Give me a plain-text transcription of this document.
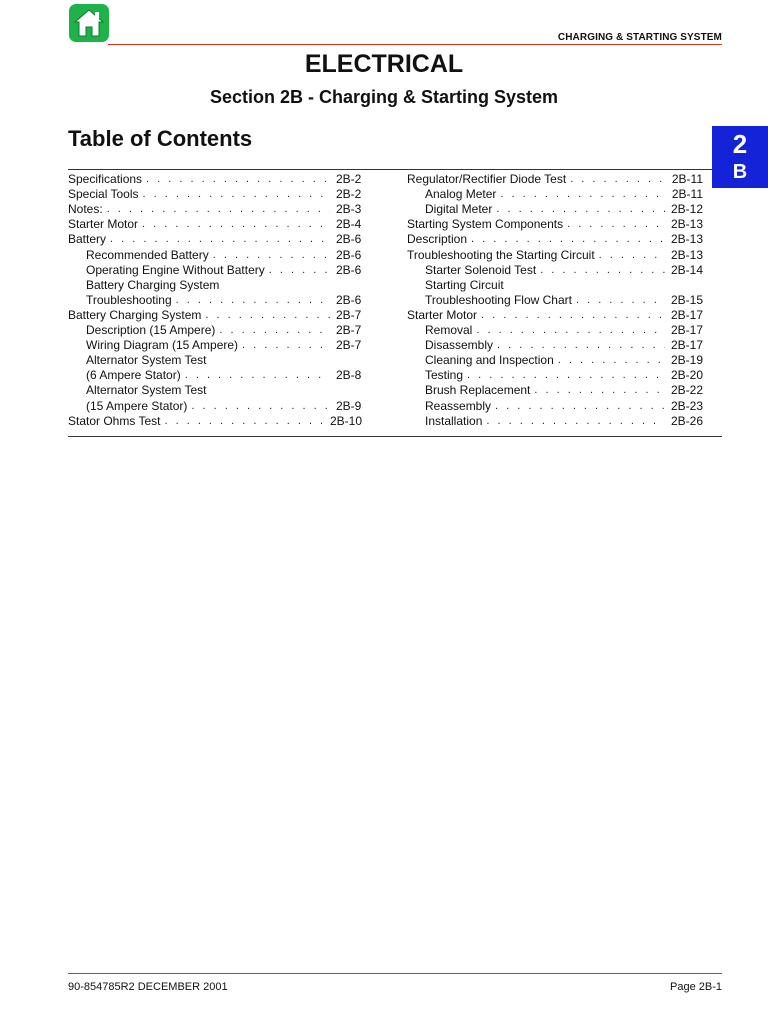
CHARGING & STARTING SYSTEM
ELECTRICAL
Section 2B - Charging & Starting System
Table of Contents	2
B
Specifications . . .	2B-2
Special Tools . . .	2B-2
Notes: . . .	2B-3
Starter Motor . . .	2B-4
Battery . . .	2B-6
Recommended Battery . . .	2B-6
Operating Engine Without Battery . . .	2B-6
Battery Charging System
Troubleshooting . . .	2B-6
Battery Charging System . . .	2B-7
Description (15 Ampere) . . .	2B-7
Wiring Diagram (15 Ampere) . . .	2B-7
Alternator System Test
(6 Ampere Stator) . . .	2B-8
Alternator System Test
(15 Ampere Stator) . . .	2B-9
Stator Ohms Test . . .	2B-10
Regulator/Rectifier Diode Test . . .	2B-11
Analog Meter . . .	2B-11
Digital Meter . . .	2B-12
Starting System Components . . .	2B-13
Description . . .	2B-13
Troubleshooting the Starting Circuit . . .	2B-13
Starter Solenoid Test . . .	2B-14
Starting Circuit
Troubleshooting Flow Chart . . .	2B-15
Starter Motor . . .	2B-17
Removal . . .	2B-17
Disassembly . . .	2B-17
Cleaning and Inspection . . .	2B-19
Testing . . .	2B-20
Brush Replacement . . .	2B-22
Reassembly . . .	2B-23
Installation . . .	2B-26
90-854785R2 DECEMBER 2001	Page 2B-1
